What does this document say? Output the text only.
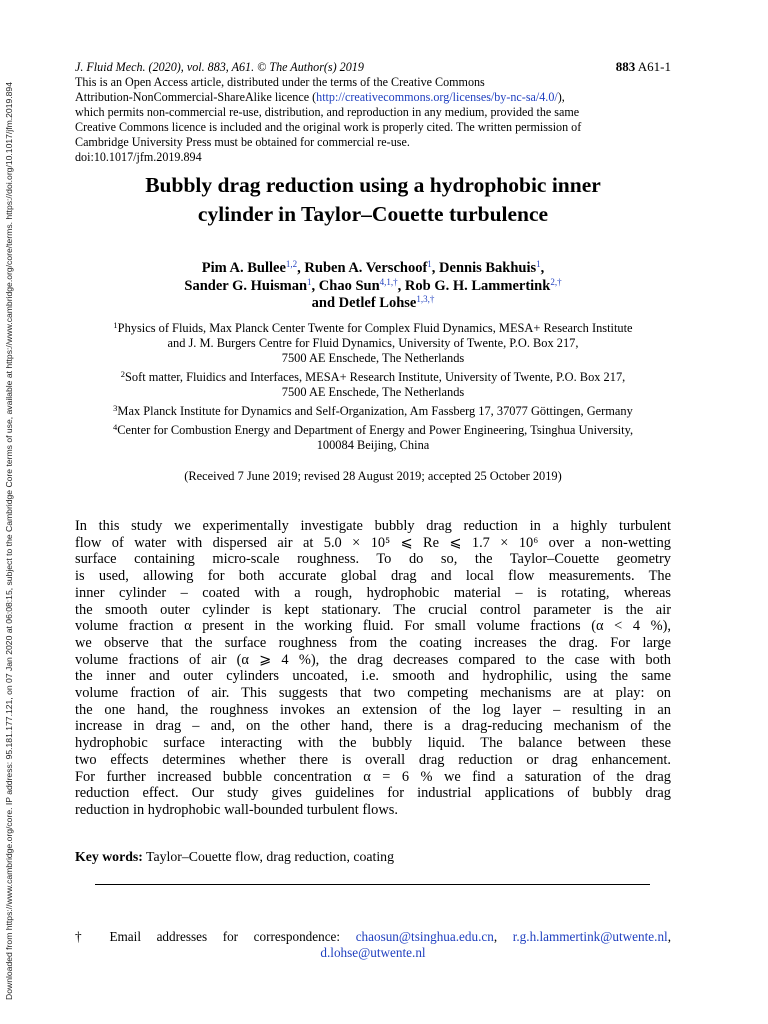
Downloaded from https://www.cambridge.org/core. IP address: 95.181.177.121, on 07 Jan 2020 at 06:08:15, subject to the Cambridge Core terms of use, available at https://www.cambridge.org/core/terms. https://doi.org/10.1017/jfm.2019.894
J. Fluid Mech. (2020), vol. 883, A61. © The Author(s) 2019	883 A61-1
This is an Open Access article, distributed under the terms of the Creative Commons
Attribution-NonCommercial-ShareAlike licence (http://creativecommons.org/licenses/by-nc-sa/4.0/),
which permits non-commercial re-use, distribution, and reproduction in any medium, provided the same
Creative Commons licence is included and the original work is properly cited. The written permission of
Cambridge University Press must be obtained for commercial re-use.
doi:10.1017/jfm.2019.894
Bubbly drag reduction using a hydrophobic inner
cylinder in Taylor–Couette turbulence
Pim A. Bullee$^{1,2}$, Ruben A. Verschoof$^1$, Dennis Bakhuis$^1$,
Sander G. Huisman$^1$, Chao Sun$^{4,1,\dagger}$, Rob G. H. Lammertink$^{2,\dagger}$
and Detlef Lohse$^{1,3,\dagger}$
$^1$Physics of Fluids, Max Planck Center Twente for Complex Fluid Dynamics, MESA+ Research Institute
and J. M. Burgers Centre for Fluid Dynamics, University of Twente, P.O. Box 217,
7500 AE Enschede, The Netherlands
$^2$Soft matter, Fluidics and Interfaces, MESA+ Research Institute, University of Twente, P.O. Box 217,
7500 AE Enschede, The Netherlands
$^3$Max Planck Institute for Dynamics and Self-Organization, Am Fassberg 17, 37077 Göttingen, Germany
$^4$Center for Combustion Energy and Department of Energy and Power Engineering, Tsinghua University,
100084 Beijing, China
(Received 7 June 2019; revised 28 August 2019; accepted 25 October 2019)
In this study we experimentally investigate bubbly drag reduction in a highly turbulent
flow of water with dispersed air at 5.0 × 10⁵ ⩽ Re ⩽ 1.7 × 10⁶ over a non-wetting
surface containing micro-scale roughness. To do so, the Taylor–Couette geometry
is used, allowing for both accurate global drag and local flow measurements. The
inner cylinder – coated with a rough, hydrophobic material – is rotating, whereas
the smooth outer cylinder is kept stationary. The crucial control parameter is the air
volume fraction α present in the working fluid. For small volume fractions (α < 4 %),
we observe that the surface roughness from the coating increases the drag. For large
volume fractions of air (α ⩾ 4 %), the drag decreases compared to the case with both
the inner and outer cylinders uncoated, i.e. smooth and hydrophilic, using the same
volume fraction of air. This suggests that two competing mechanisms are at play: on
the one hand, the roughness invokes an extension of the log layer – resulting in an
increase in drag – and, on the other hand, there is a drag-reducing mechanism of the
hydrophobic surface interacting with the bubbly liquid. The balance between these
two effects determines whether there is overall drag reduction or drag enhancement.
For further increased bubble concentration α = 6 % we find a saturation of the drag
reduction effect. Our study gives guidelines for industrial applications of bubbly drag
reduction in hydrophobic wall-bounded turbulent flows.
Key words: Taylor–Couette flow, drag reduction, coating
† Email addresses for correspondence: chaosun@tsinghua.edu.cn, r.g.h.lammertink@utwente.nl,
d.lohse@utwente.nl
